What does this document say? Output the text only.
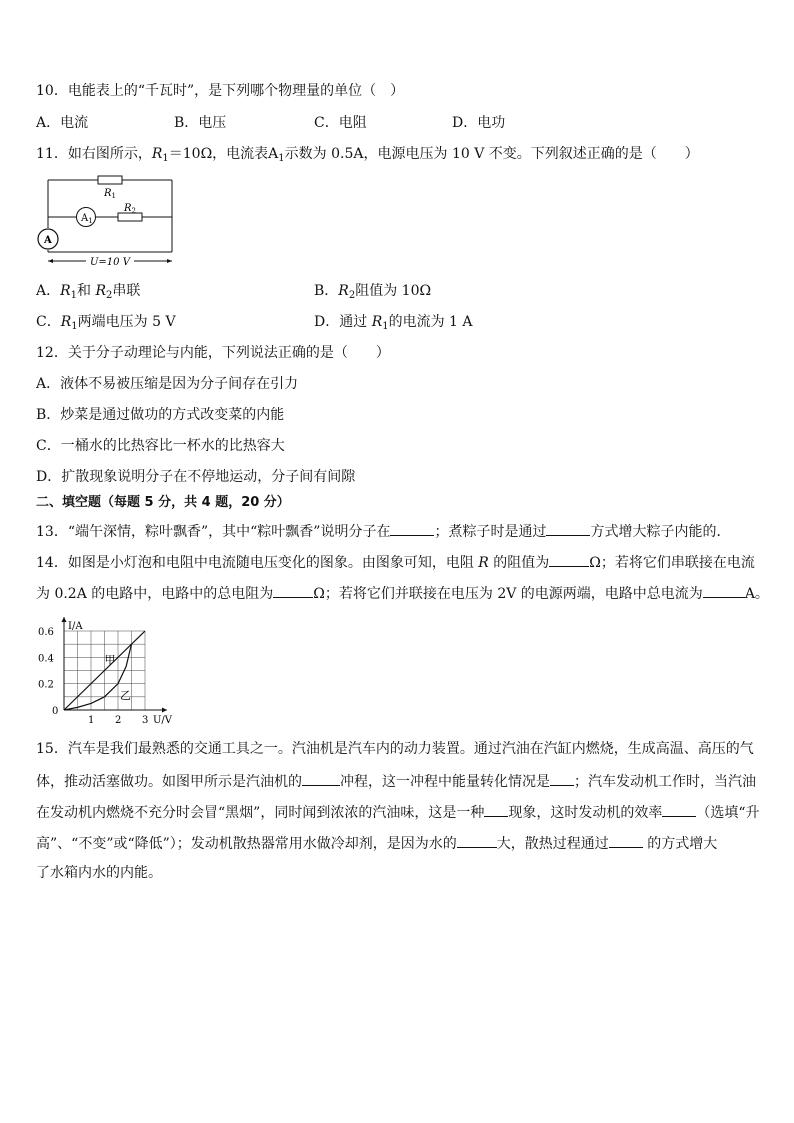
10．电能表上的“千瓦时”，是下列哪个物理量的单位（　）
A．电流	B．电压	C．电阻	D．电功
11．如右图所示，$R_1=10\Omega$，电流表$A_1$示数为 0.5A，电源电压为 10 V 不变。下列叙述正确的是（　　）
$R_1$
$R_2$
$A_1$
A
U=10 V
A．$R_1$和 $R_2$串联	B．$R_2$阻值为 10Ω
C．$R_1$两端电压为 5 V	D．通过 $R_1$的电流为 1 A
12．关于分子动理论与内能，下列说法正确的是（　　）
A．液体不易被压缩是因为分子间存在引力
B．炒菜是通过做功的方式改变菜的内能
C．一桶水的比热容比一杯水的比热容大
D．扩散现象说明分子在不停地运动，分子间有间隙
二、填空题（每题 5 分，共 4 题，20 分）
13．“端午深情，粽叶飘香”，其中“粽叶飘香”说明分子在	；煮粽子时是通过	方式增大粽子内能的．
14．如图是小灯泡和电阻中电流随电压变化的图象。由图象可知，电阻 R 的阻值为	Ω；若将它们串联接在电流
为 0.2A 的电路中，电路中的总电阻为	Ω；若将它们并联接在电压为 2V 的电源两端，电路中总电流为	A。
1 2 3
0
0.2
0.4
0.6
U/V
I/A
甲
乙
15．汽车是我们最熟悉的交通工具之一。汽油机是汽车内的动力装置。通过汽油在汽缸内燃烧，生成高温、高压的气
体，推动活塞做功。如图甲所示是汽油机的	冲程，这一冲程中能量转化情况是 ；汽车发动机工作时，当汽油
在发动机内燃烧不充分时会冒“黑烟”，同时闻到浓浓的汽油味，这是一种 现象，这时发动机的效率 （选填“升
高”、“不变”或“降低”）；发动机散热器常用水做冷却剂，是因为水的	大，散热过程通过 的方式增大
了水箱内水的内能。
